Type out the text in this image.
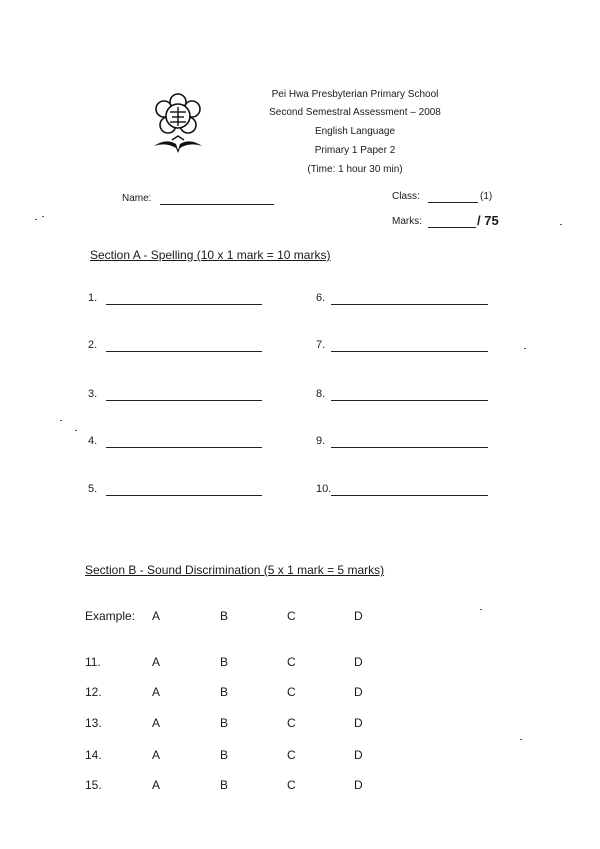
Pei Hwa Presbyterian Primary School
Second Semestral Assessment – 2008
English Language
Primary 1 Paper 2
(Time: 1 hour 30 min)
Name:	Class:	(1)
Marks:	/ 75
Section A - Spelling (10 x 1 mark = 10 marks)
1.
2.
3.
4.
5.
6.
7.
8.
9.
10.
Section B - Sound Discrimination (5 x 1 mark = 5 marks)
Example: A	B	C	D
11.	A	B	C	D
12.	A	B	C	D
13.	A	B	C	D
14.	A	B	C	D
15.	A	B	C	D
